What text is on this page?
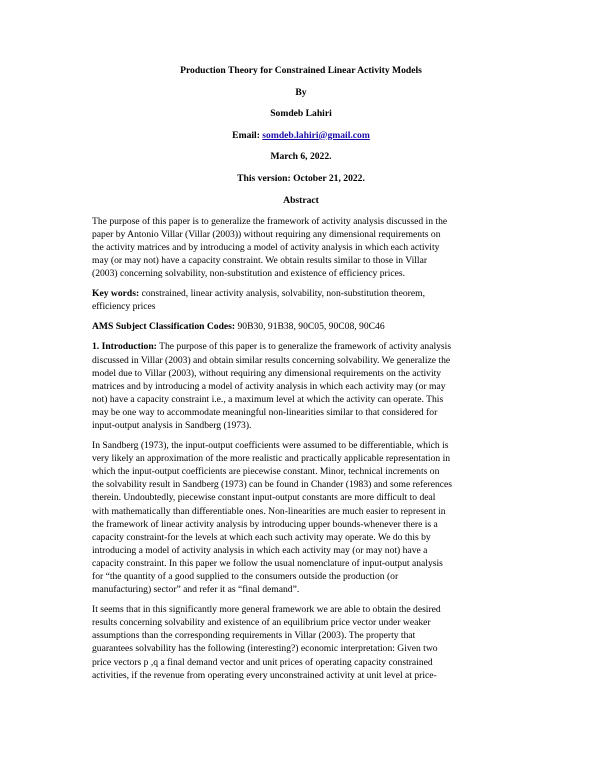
Production Theory for Constrained Linear Activity Models
By
Somdeb Lahiri
Email: somdeb.lahiri@gmail.com
March 6, 2022.
This version: October 21, 2022.
Abstract
The purpose of this paper is to generalize the framework of activity analysis discussed in the
paper by Antonio Villar (Villar (2003)) without requiring any dimensional requirements on
the activity matrices and by introducing a model of activity analysis in which each activity
may (or may not) have a capacity constraint. We obtain results similar to those in Villar
(2003) concerning solvability, non-substitution and existence of efficiency prices.
Key words: constrained, linear activity analysis, solvability, non-substitution theorem,
efficiency prices
AMS Subject Classification Codes: 90B30, 91B38, 90C05, 90C08, 90C46
1. Introduction: The purpose of this paper is to generalize the framework of activity analysis
discussed in Villar (2003) and obtain similar results concerning solvability. We generalize the
model due to Villar (2003), without requiring any dimensional requirements on the activity
matrices and by introducing a model of activity analysis in which each activity may (or may
not) have a capacity constraint i.e., a maximum level at which the activity can operate. This
may be one way to accommodate meaningful non-linearities similar to that considered for
input-output analysis in Sandberg (1973).
In Sandberg (1973), the input-output coefficients were assumed to be differentiable, which is
very likely an approximation of the more realistic and practically applicable representation in
which the input-output coefficients are piecewise constant. Minor, technical increments on
the solvability result in Sandberg (1973) can be found in Chander (1983) and some references
therein. Undoubtedly, piecewise constant input-output constants are more difficult to deal
with mathematically than differentiable ones. Non-linearities are much easier to represent in
the framework of linear activity analysis by introducing upper bounds-whenever there is a
capacity constraint-for the levels at which each such activity may operate. We do this by
introducing a model of activity analysis in which each activity may (or may not) have a
capacity constraint. In this paper we follow the usual nomenclature of input-output analysis
for “the quantity of a good supplied to the consumers outside the production (or
manufacturing) sector” and refer it as “final demand”.
It seems that in this significantly more general framework we are able to obtain the desired
results concerning solvability and existence of an equilibrium price vector under weaker
assumptions than the corresponding requirements in Villar (2003). The property that
guarantees solvability has the following (interesting?) economic interpretation: Given two
price vectors p ,q a final demand vector and unit prices of operating capacity constrained
activities, if the revenue from operating every unconstrained activity at unit level at price-
